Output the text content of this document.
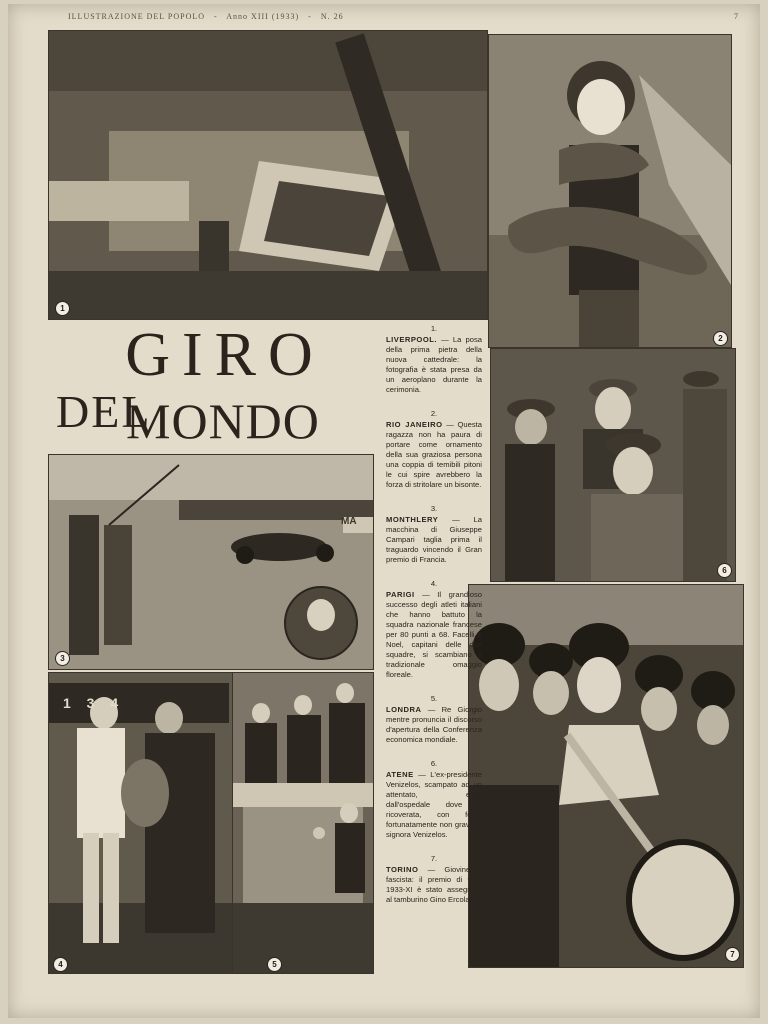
ILLUSTRAZIONE DEL POPOLO - Anno XIII (1933) - N. 26	7
1
2
GIRO
DEL
MONDO
MA
3
1 3 4
4	5
6
7
1.
LIVERPOOL. — La posa della prima pietra della nuova cattedrale: la fotografia è stata presa da un aeroplano durante la cerimonia.
2.
RIO JANEIRO — Questa ragazza non ha paura di portare come ornamento della sua graziosa persona una coppia di temibili pitoni le cui spire avrebbero la forza di stritolare un bisonte.
3.
MONTHLERY — La macchina di Giuseppe Campari taglia prima il traguardo vincendo il Gran premio di Francia.
4.
PARIGI — Il grandioso successo degli atleti italiani che hanno battuto la squadra nazionale francese per 80 punti a 68. Facelli e Noel, capitani delle due squadre, si scambiano il tradizionale omaggio floreale.
5.
LONDRA — Re Giorgio mentre pronuncia il discorso d'apertura della Conferenza economica mondiale.
6.
ATENE — L'ex-presidente Venizelos, scampato ad un attentato, esce dall'ospedale dove è ricoverata, con ferite fortunatamente non gravi, la signora Venizelos.
7.
TORINO — Giovinezza fascista: il premio di virtù 1933-XI è stato assegnato al tamburino Gino Ercolani
